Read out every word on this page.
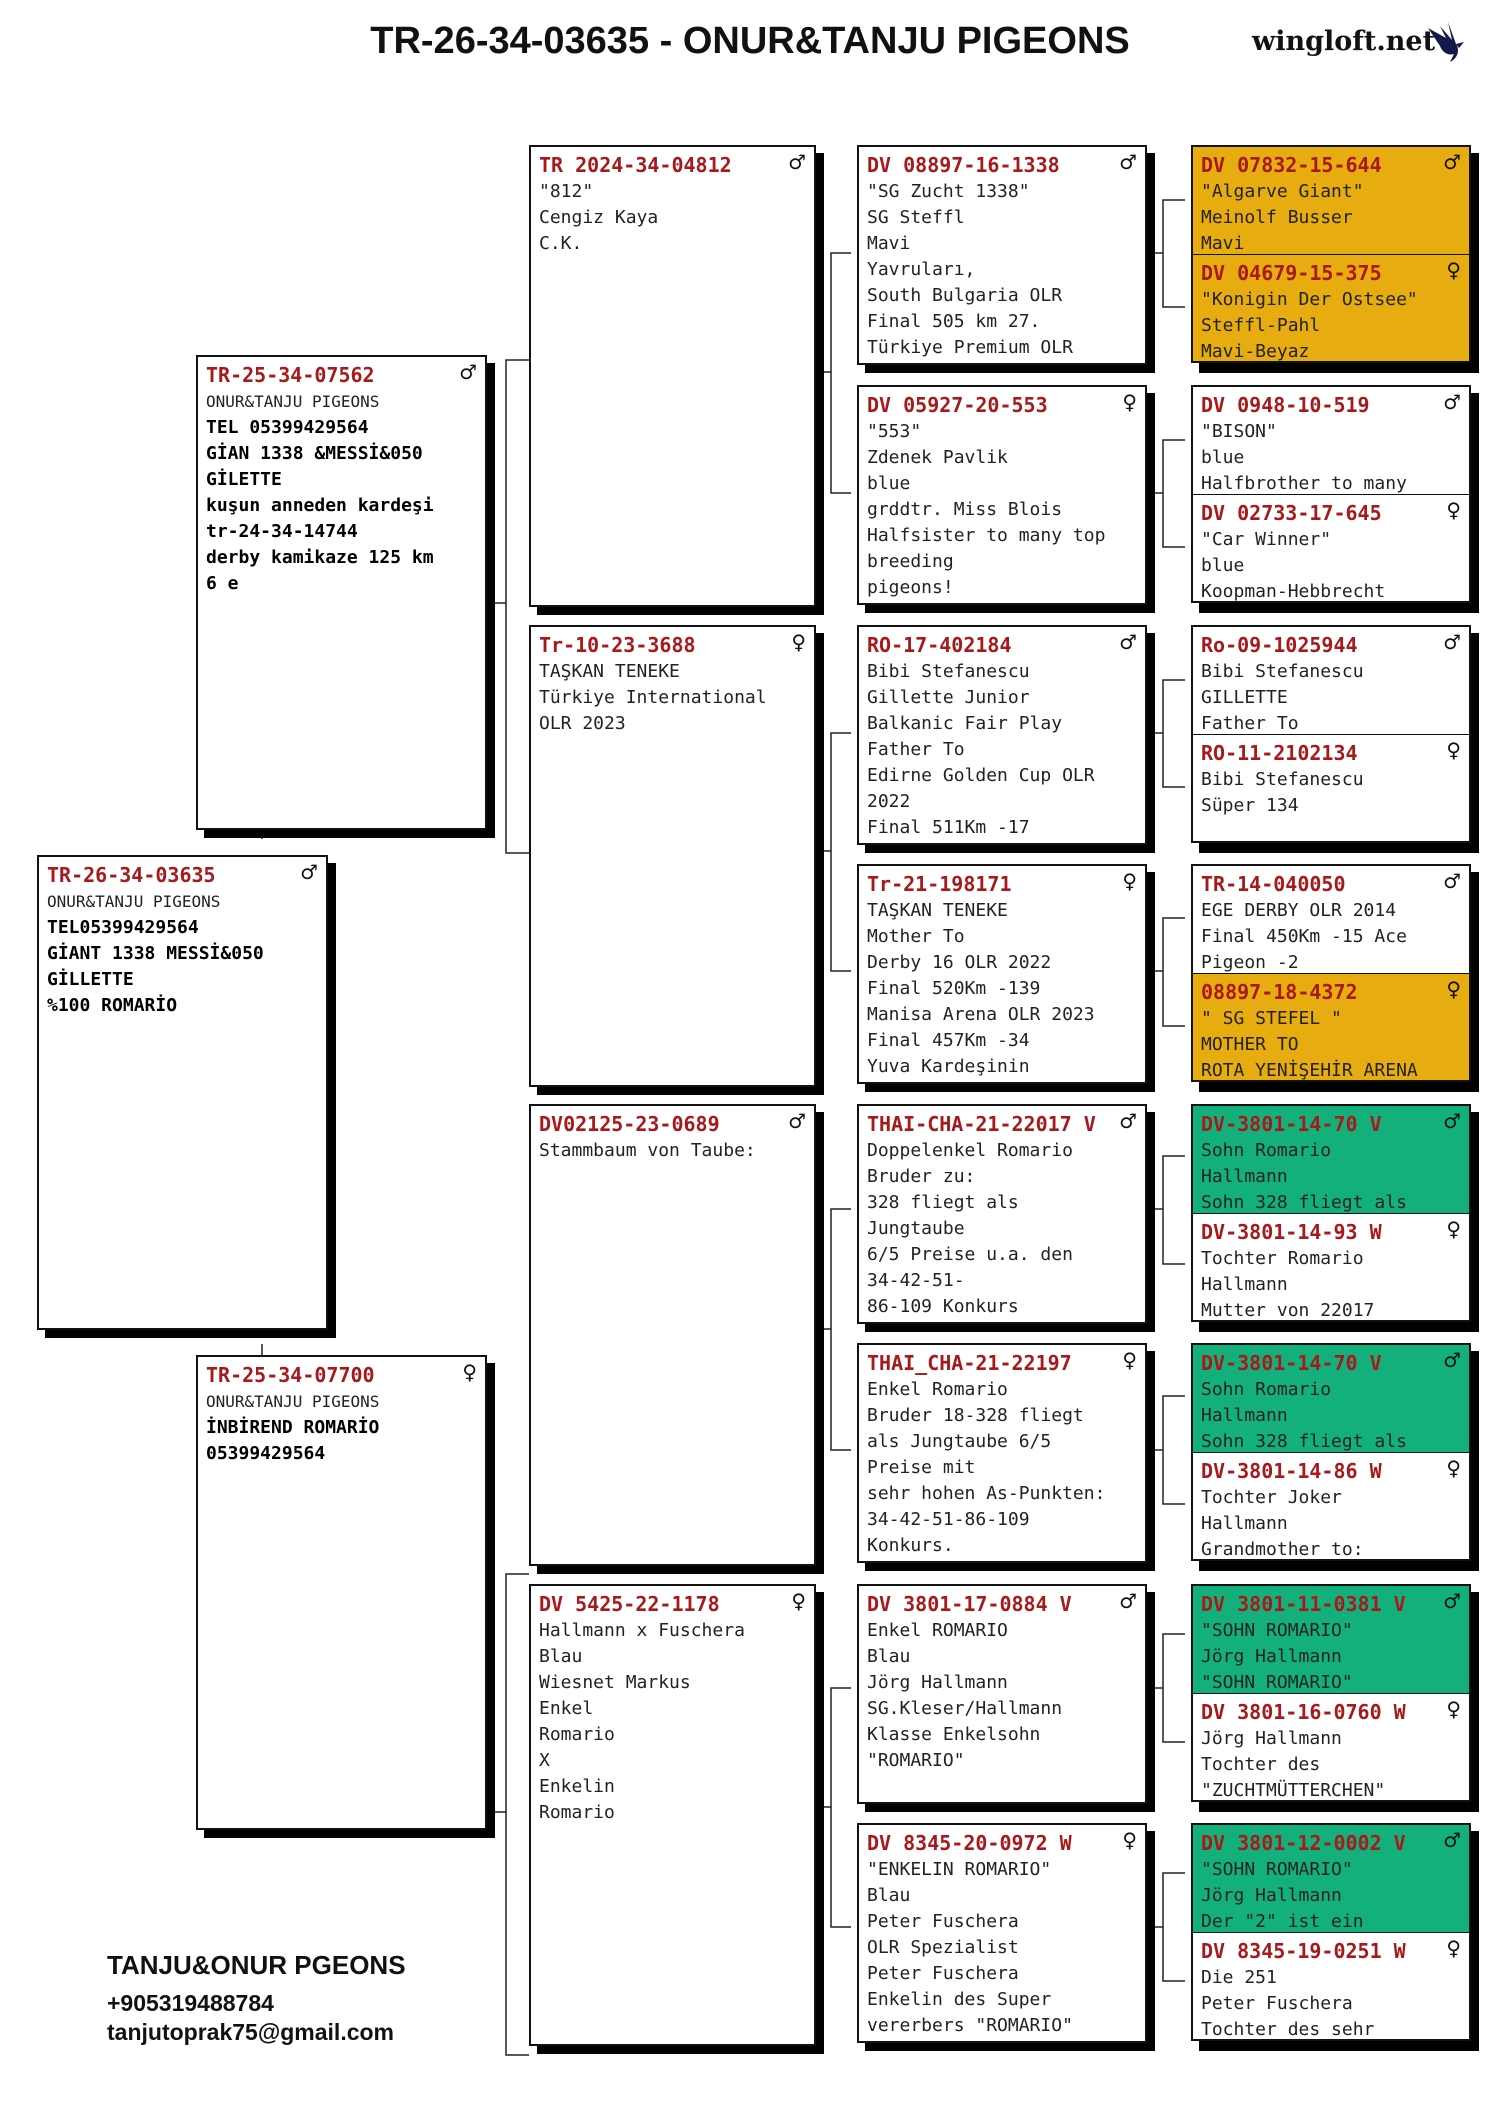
TR-26-34-03635 - ONUR&TANJU PIGEONS	wingloft.net
TR-26-34-03635	♂
ONUR&TANJU PIGEONS
TEL05399429564
GİANT 1338 MESSİ&050
GİLLETTE
%100 ROMARİO
TR-25-34-07562	♂
ONUR&TANJU PIGEONS
TEL 05399429564
GİAN 1338 &MESSİ&050
GİLETTE
kuşun anneden kardeşi
tr-24-34-14744
derby kamikaze 125 km
6 e
TR-25-34-07700	♀
ONUR&TANJU PIGEONS
İNBİREND ROMARİO
05399429564
TR 2024-34-04812	♂
"812"
Cengiz Kaya
C.K.
Tr-10-23-3688	♀
TAŞKAN TENEKE
Türkiye International
OLR 2023
DV02125-23-0689	♂
Stammbaum von Taube:
DV 5425-22-1178	♀
Hallmann x Fuschera
Blau
Wiesnet Markus
Enkel
Romario
X
Enkelin
Romario
DV 08897-16-1338	♂
"SG Zucht 1338"
SG Steffl
Mavi
Yavruları,
South Bulgaria OLR
Final 505 km 27.
Türkiye Premium OLR
DV 05927-20-553	♀
"553"
Zdenek Pavlik
blue
grddtr. Miss Blois
Halfsister to many top
breeding
pigeons!
RO-17-402184	♂
Bibi Stefanescu
Gillette Junior
Balkanic Fair Play
Father To
Edirne Golden Cup OLR
2022
Final 511Km -17
Tr-21-198171	♀
TAŞKAN TENEKE
Mother To
Derby 16 OLR 2022
Final 520Km -139
Manisa Arena OLR 2023
Final 457Km -34
Yuva Kardeşinin
THAI-CHA-21-22017 V	♂
Doppelenkel Romario
Bruder zu:
328 fliegt als
Jungtaube
6/5 Preise u.a. den
34-42-51-
86-109 Konkurs
THAI_CHA-21-22197	♀
Enkel Romario
Bruder 18-328 fliegt
als Jungtaube 6/5
Preise mit
sehr hohen As-Punkten:
34-42-51-86-109
Konkurs.
DV 3801-17-0884 V	♂
Enkel ROMARIO
Blau
Jörg Hallmann
SG.Kleser/Hallmann
Klasse Enkelsohn
"ROMARIO"
DV 8345-20-0972 W	♀
"ENKELIN ROMARIO"
Blau
Peter Fuschera
OLR Spezialist
Peter Fuschera
Enkelin des Super
vererbers "ROMARIO"
DV 07832-15-644	♂
"Algarve Giant"
Meinolf Busser
Mavi
DV 04679-15-375	♀
"Konigin Der Ostsee"
Steffl-Pahl
Mavi-Beyaz
DV 0948-10-519	♂
"BISON"
blue
Halfbrother to many
DV 02733-17-645	♀
"Car Winner"
blue
Koopman-Hebbrecht
Ro-09-1025944	♂
Bibi Stefanescu
GILLETTE
Father To
RO-11-2102134	♀
Bibi Stefanescu
Süper 134
TR-14-040050	♂
EGE DERBY OLR 2014
Final 450Km -15 Ace
Pigeon -2
08897-18-4372	♀
" SG STEFEL "
MOTHER TO
ROTA YENİŞEHİR ARENA
DV-3801-14-70 V	♂
Sohn Romario
Hallmann
Sohn 328 fliegt als
DV-3801-14-93 W	♀
Tochter Romario
Hallmann
Mutter von 22017
DV-3801-14-70 V	♂
Sohn Romario
Hallmann
Sohn 328 fliegt als
DV-3801-14-86 W	♀
Tochter Joker
Hallmann
Grandmother to:
DV 3801-11-0381 V	♂
"SOHN ROMARIO"
Jörg Hallmann
"SOHN ROMARIO"
DV 3801-16-0760 W	♀
Jörg Hallmann
Tochter des
"ZUCHTMÜTTERCHEN"
DV 3801-12-0002 V	♂
"SOHN ROMARIO"
Jörg Hallmann
Der "2" ist ein
DV 8345-19-0251 W	♀
Die 251
Peter Fuschera
Tochter des sehr
TANJU&ONUR PGEONS
+905319488784
tanjutoprak75@gmail.com
